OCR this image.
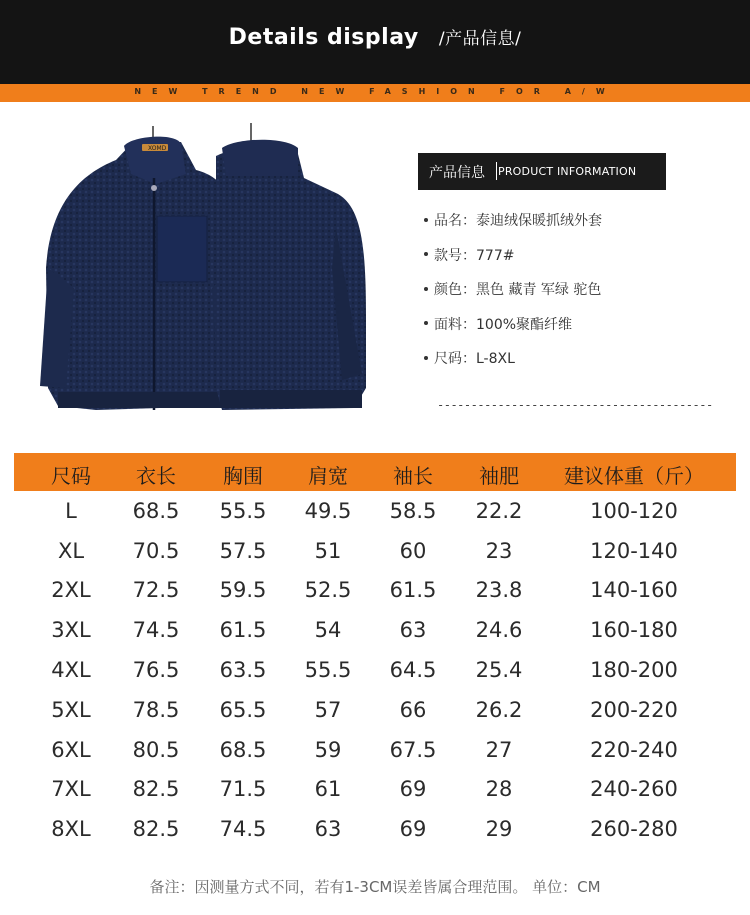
Details display /产品信息/
NEW TREND NEW FASHION FOR A/W
XOMD
产品信息 PRODUCT INFORMATION
品名：泰迪绒保暖抓绒外套
款号：777#
颜色：黑色 藏青 军绿 驼色
面料：100%聚酯纤维
尺码：L-8XL
-----------------------------------------
尺码 衣长 胸围 肩宽 袖长 袖肥 建议体重（斤）
L	68.5 55.5 49.5 58.5 22.2	100-120
XL 70.5 57.5 51	60	23	120-140
2XL 72.5 59.5 52.5 61.5 23.8	140-160
3XL 74.5 61.5 54	63 24.6	160-180
4XL 76.5 63.5 55.5 64.5 25.4	180-200
5XL 78.5 65.5 57	66 26.2	200-220
6XL 80.5 68.5 59 67.5 27	220-240
7XL 82.5 71.5 61	69	28	240-260
8XL 82.5 74.5 63	69	29	260-280
备注：因测量方式不同，若有1-3CM误差皆属合理范围。 单位：CM
